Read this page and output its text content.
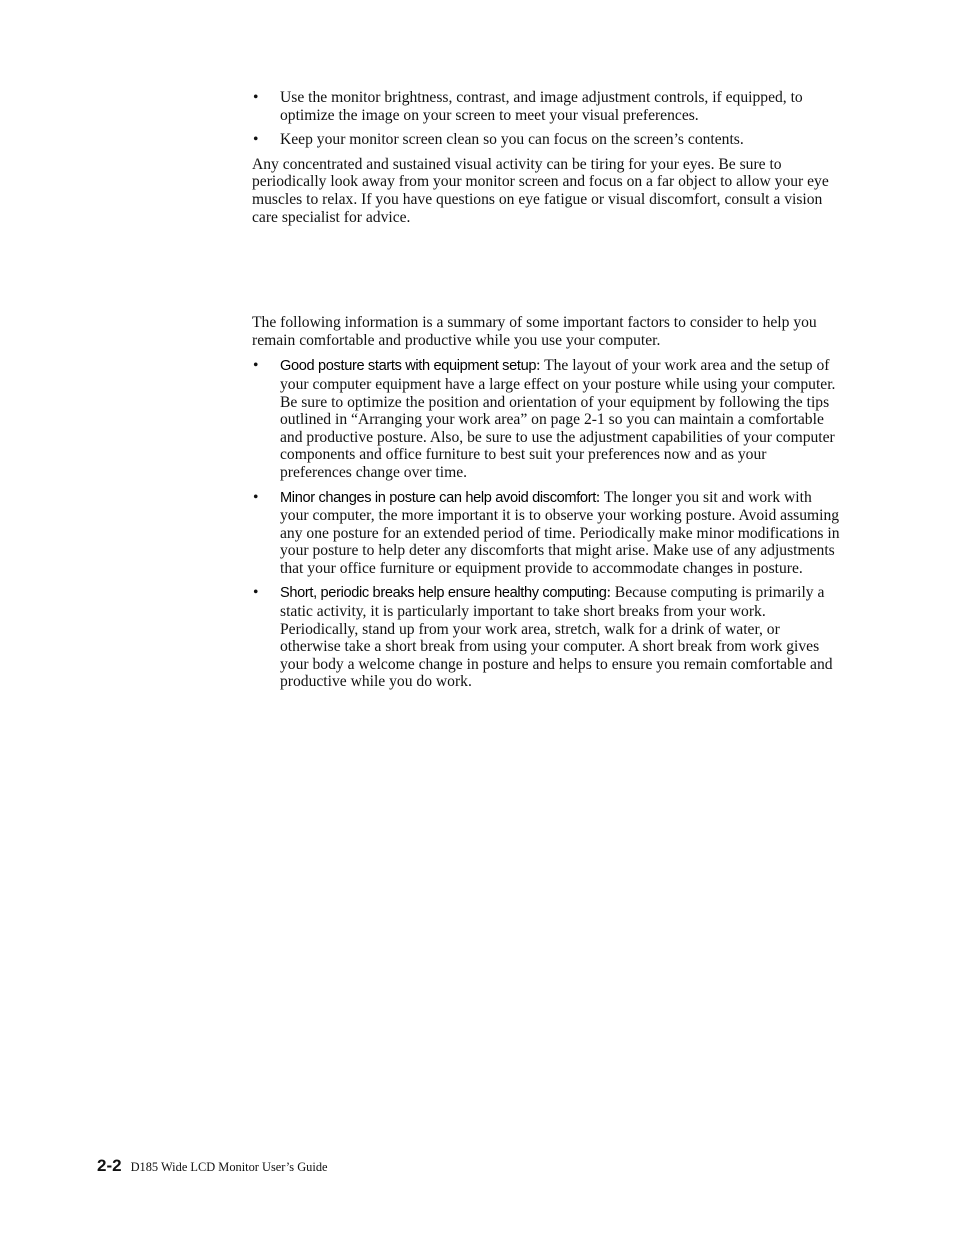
• Use the monitor brightness, contrast, and image adjustment controls, if equipped, to optimize the image on your screen to meet your visual preferences.
• Keep your monitor screen clean so you can focus on the screen’s contents.

Any concentrated and sustained visual activity can be tiring for your eyes. Be sure to periodically look away from your monitor screen and focus on a far object to allow your eye muscles to relax. If you have questions on eye fatigue or visual discomfort, consult a vision care specialist for advice.

The following information is a summary of some important factors to consider to help you remain comfortable and productive while you use your computer.

• Good posture starts with equipment setup: The layout of your work area and the setup of your computer equipment have a large effect on your posture while using your computer. Be sure to optimize the position and orientation of your equipment by following the tips outlined in “Arranging your work area” on page 2-1 so you can maintain a comfortable and productive posture. Also, be sure to use the adjustment capabilities of your computer components and office furniture to best suit your preferences now and as your preferences change over time.
• Minor changes in posture can help avoid discomfort: The longer you sit and work with your computer, the more important it is to observe your working posture. Avoid assuming any one posture for an extended period of time. Periodically make minor modifications in your posture to help deter any discomforts that might arise. Make use of any adjustments that your office furniture or equipment provide to accommodate changes in posture.
• Short, periodic breaks help ensure healthy computing: Because computing is primarily a static activity, it is particularly important to take short breaks from your work. Periodically, stand up from your work area, stretch, walk for a drink of water, or otherwise take a short break from using your computer. A short break from work gives your body a welcome change in posture and helps to ensure you remain comfortable and productive while you do work.
2-2 D185 Wide LCD Monitor User’s Guide
